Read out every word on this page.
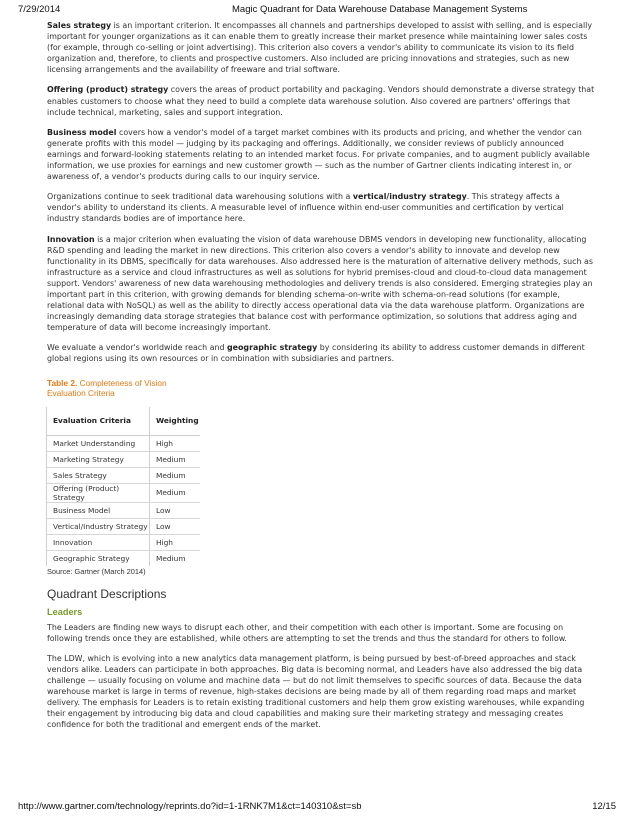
7/29/2014	Magic Quadrant for Data Warehouse Database Management Systems

Sales strategy is an important criterion. It encompasses all channels and partnerships developed to assist with selling, and is especially important for younger organizations as it can enable them to greatly increase their market presence while maintaining lower sales costs (for example, through co-selling or joint advertising). This criterion also covers a vendor's ability to communicate its vision to its field organization and, therefore, to clients and prospective customers. Also included are pricing innovations and strategies, such as new licensing arrangements and the availability of freeware and trial software.

Offering (product) strategy covers the areas of product portability and packaging. Vendors should demonstrate a diverse strategy that enables customers to choose what they need to build a complete data warehouse solution. Also covered are partners' offerings that include technical, marketing, sales and support integration.

Business model covers how a vendor's model of a target market combines with its products and pricing, and whether the vendor can generate profits with this model — judging by its packaging and offerings. Additionally, we consider reviews of publicly announced earnings and forward-looking statements relating to an intended market focus. For private companies, and to augment publicly available information, we use proxies for earnings and new customer growth — such as the number of Gartner clients indicating interest in, or awareness of, a vendor's products during calls to our inquiry service.

Organizations continue to seek traditional data warehousing solutions with a vertical/industry strategy. This strategy affects a vendor's ability to understand its clients. A measurable level of influence within end-user communities and certification by vertical industry standards bodies are of importance here.

Innovation is a major criterion when evaluating the vision of data warehouse DBMS vendors in developing new functionality, allocating R&D spending and leading the market in new directions. This criterion also covers a vendor's ability to innovate and develop new functionality in its DBMS, specifically for data warehouses. Also addressed here is the maturation of alternative delivery methods, such as infrastructure as a service and cloud infrastructures as well as solutions for hybrid premises-cloud and cloud-to-cloud data management support. Vendors' awareness of new data warehousing methodologies and delivery trends is also considered. Emerging strategies play an important part in this criterion, with growing demands for blending schema-on-write with schema-on-read solutions (for example, relational data with NoSQL) as well as the ability to directly access operational data via the data warehouse platform. Organizations are increasingly demanding data storage strategies that balance cost with performance optimization, so solutions that address aging and temperature of data will become increasingly important.

We evaluate a vendor's worldwide reach and geographic strategy by considering its ability to address customer demands in different global regions using its own resources or in combination with subsidiaries and partners.

Table 2. Completeness of Vision
Evaluation Criteria
Evaluation Criteria	Weighting
Market Understanding	High
Marketing Strategy	Medium
Sales Strategy	Medium
Offering (Product) Strategy	Medium
Business Model	Low
Vertical/Industry Strategy	Low
Innovation	High
Geographic Strategy	Medium
Source: Gartner (March 2014)
Quadrant Descriptions
Leaders

The Leaders are finding new ways to disrupt each other, and their competition with each other is important. Some are focusing on following trends once they are established, while others are attempting to set the trends and thus the standard for others to follow.

The LDW, which is evolving into a new analytics data management platform, is being pursued by best-of-breed approaches and stack vendors alike. Leaders can participate in both approaches. Big data is becoming normal, and Leaders have also addressed the big data challenge — usually focusing on volume and machine data — but do not limit themselves to specific sources of data. Because the data warehouse market is large in terms of revenue, high-stakes decisions are being made by all of them regarding road maps and market delivery. The emphasis for Leaders is to retain existing traditional customers and help them grow existing warehouses, while expanding their engagement by introducing big data and cloud capabilities and making sure their marketing strategy and messaging creates confidence for both the traditional and emergent ends of the market.

http://www.gartner.com/technology/reprints.do?id=1-1RNK7M1&ct=140310&st=sb	12/15
